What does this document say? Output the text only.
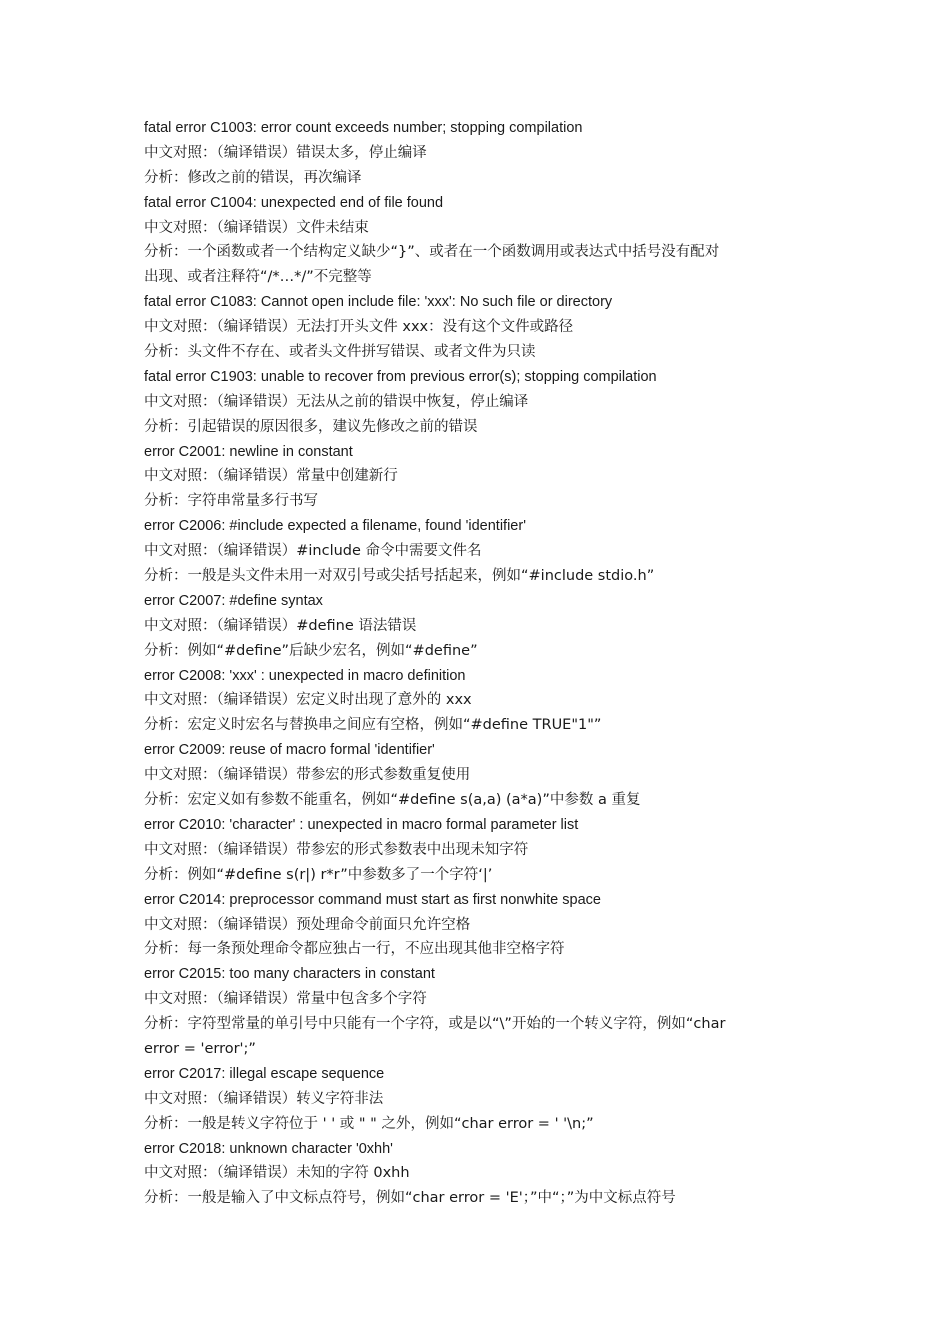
fatal error C1003: error count exceeds number; stopping compilation
中文对照：（编译错误）错误太多，停止编译
分析：修改之前的错误，再次编译
fatal error C1004: unexpected end of file found
中文对照：（编译错误）文件未结束
分析：一个函数或者一个结构定义缺少“}”、或者在一个函数调用或表达式中括号没有配对
出现、或者注释符“/*…*/”不完整等
fatal error C1083: Cannot open include file: 'xxx': No such file or directory
中文对照：（编译错误）无法打开头文件 xxx：没有这个文件或路径
分析：头文件不存在、或者头文件拼写错误、或者文件为只读
fatal error C1903: unable to recover from previous error(s); stopping compilation
中文对照：（编译错误）无法从之前的错误中恢复，停止编译
分析：引起错误的原因很多，建议先修改之前的错误
error C2001: newline in constant
中文对照：（编译错误）常量中创建新行
分析：字符串常量多行书写
error C2006: #include expected a filename, found 'identifier'
中文对照：（编译错误）#include 命令中需要文件名
分析：一般是头文件未用一对双引号或尖括号括起来，例如“#include stdio.h”
error C2007: #define syntax
中文对照：（编译错误）#define 语法错误
分析：例如“#define”后缺少宏名，例如“#define”
error C2008: 'xxx' : unexpected in macro definition
中文对照：（编译错误）宏定义时出现了意外的 xxx
分析：宏定义时宏名与替换串之间应有空格，例如“#define TRUE"1"”
error C2009: reuse of macro formal 'identifier'
中文对照：（编译错误）带参宏的形式参数重复使用
分析：宏定义如有参数不能重名，例如“#define s(a,a) (a*a)”中参数 a 重复
error C2010: 'character' : unexpected in macro formal parameter list
中文对照：（编译错误）带参宏的形式参数表中出现未知字符
分析：例如“#define s(r|) r*r”中参数多了一个字符‘|’
error C2014: preprocessor command must start as first nonwhite space
中文对照：（编译错误）预处理命令前面只允许空格
分析：每一条预处理命令都应独占一行，不应出现其他非空格字符
error C2015: too many characters in constant
中文对照：（编译错误）常量中包含多个字符
分析：字符型常量的单引号中只能有一个字符，或是以“\”开始的一个转义字符，例如“char
error = 'error';”
error C2017: illegal escape sequence
中文对照：（编译错误）转义字符非法
分析：一般是转义字符位于 ' ' 或 " " 之外，例如“char error = ' '\n;”
error C2018: unknown character '0xhh'
中文对照：（编译错误）未知的字符 0xhh
分析：一般是输入了中文标点符号，例如“char error = 'E'；”中“；”为中文标点符号
